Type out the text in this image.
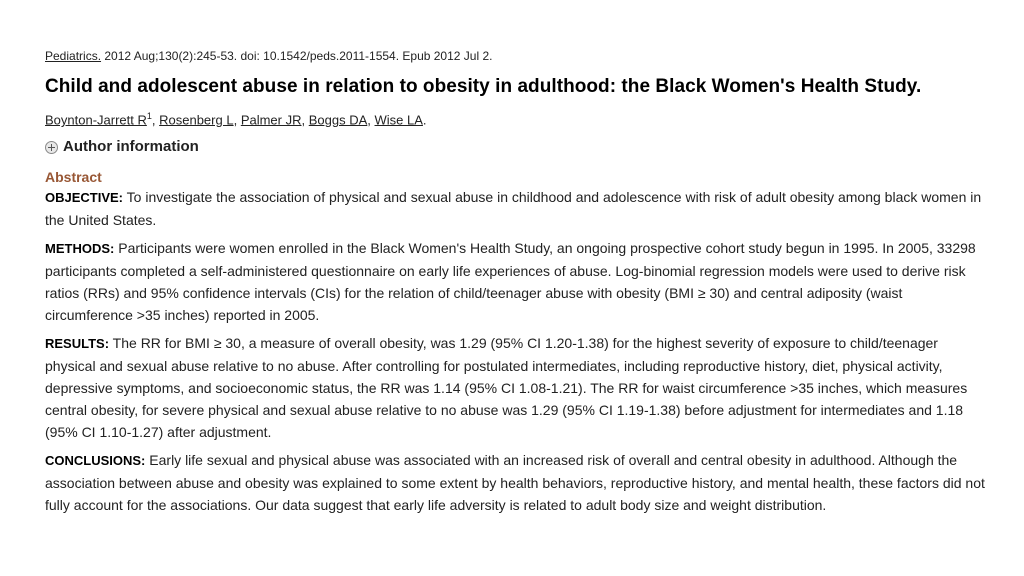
Pediatrics. 2012 Aug;130(2):245-53. doi: 10.1542/peds.2011-1554. Epub 2012 Jul 2.

Child and adolescent abuse in relation to obesity in adulthood: the Black Women's Health Study.
Boynton-Jarrett $R^1$, Rosenberg L, Palmer JR, Boggs DA, Wise LA.
Author information
Abstract

OBJECTIVE: To investigate the association of physical and sexual abuse in childhood and adolescence with risk of adult obesity among black women in the United States.

METHODS: Participants were women enrolled in the Black Women's Health Study, an ongoing prospective cohort study begun in 1995. In 2005, 33298 participants completed a self-administered questionnaire on early life experiences of abuse. Log-binomial regression models were used to derive risk ratios (RRs) and 95% confidence intervals (CIs) for the relation of child/teenager abuse with obesity (BMI ≥ 30) and central adiposity (waist circumference >35 inches) reported in 2005.

RESULTS: The RR for BMI ≥ 30, a measure of overall obesity, was 1.29 (95% CI 1.20-1.38) for the highest severity of exposure to child/teenager physical and sexual abuse relative to no abuse. After controlling for postulated intermediates, including reproductive history, diet, physical activity, depressive symptoms, and socioeconomic status, the RR was 1.14 (95% CI 1.08-1.21). The RR for waist circumference >35 inches, which measures central obesity, for severe physical and sexual abuse relative to no abuse was 1.29 (95% CI 1.19-1.38) before adjustment for intermediates and 1.18 (95% CI 1.10-1.27) after adjustment.

CONCLUSIONS: Early life sexual and physical abuse was associated with an increased risk of overall and central obesity in adulthood. Although the association between abuse and obesity was explained to some extent by health behaviors, reproductive history, and mental health, these factors did not fully account for the associations. Our data suggest that early life adversity is related to adult body size and weight distribution.
